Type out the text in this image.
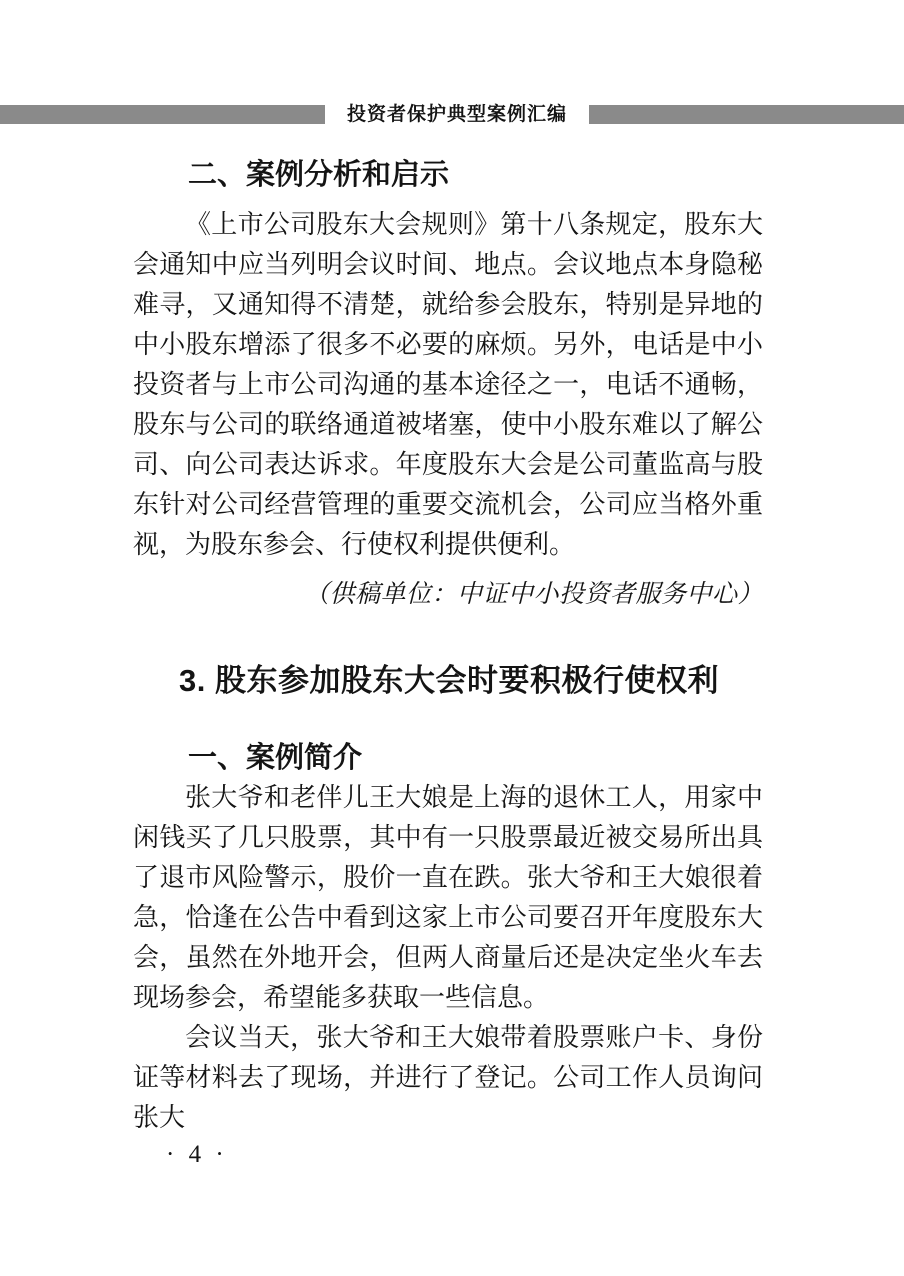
投资者保护典型案例汇编
二、案例分析和启示

《上市公司股东大会规则》第十八条规定，股东大会通知中应当列明会议时间、地点。会议地点本身隐秘难寻，又通知得不清楚，就给参会股东，特别是异地的中小股东增添了很多不必要的麻烦。另外，电话是中小投资者与上市公司沟通的基本途径之一，电话不通畅，股东与公司的联络通道被堵塞，使中小股东难以了解公司、向公司表达诉求。年度股东大会是公司董监高与股东针对公司经营管理的重要交流机会，公司应当格外重视，为股东参会、行使权利提供便利。

（供稿单位：中证中小投资者服务中心）

3. 股东参加股东大会时要积极行使权利
一、案例简介

张大爷和老伴儿王大娘是上海的退休工人，用家中闲钱买了几只股票，其中有一只股票最近被交易所出具了退市风险警示，股价一直在跌。张大爷和王大娘很着急，恰逢在公告中看到这家上市公司要召开年度股东大会，虽然在外地开会，但两人商量后还是决定坐火车去现场参会，希望能多获取一些信息。

会议当天，张大爷和王大娘带着股票账户卡、身份证等材料去了现场，并进行了登记。公司工作人员询问张大

· 4 ·
